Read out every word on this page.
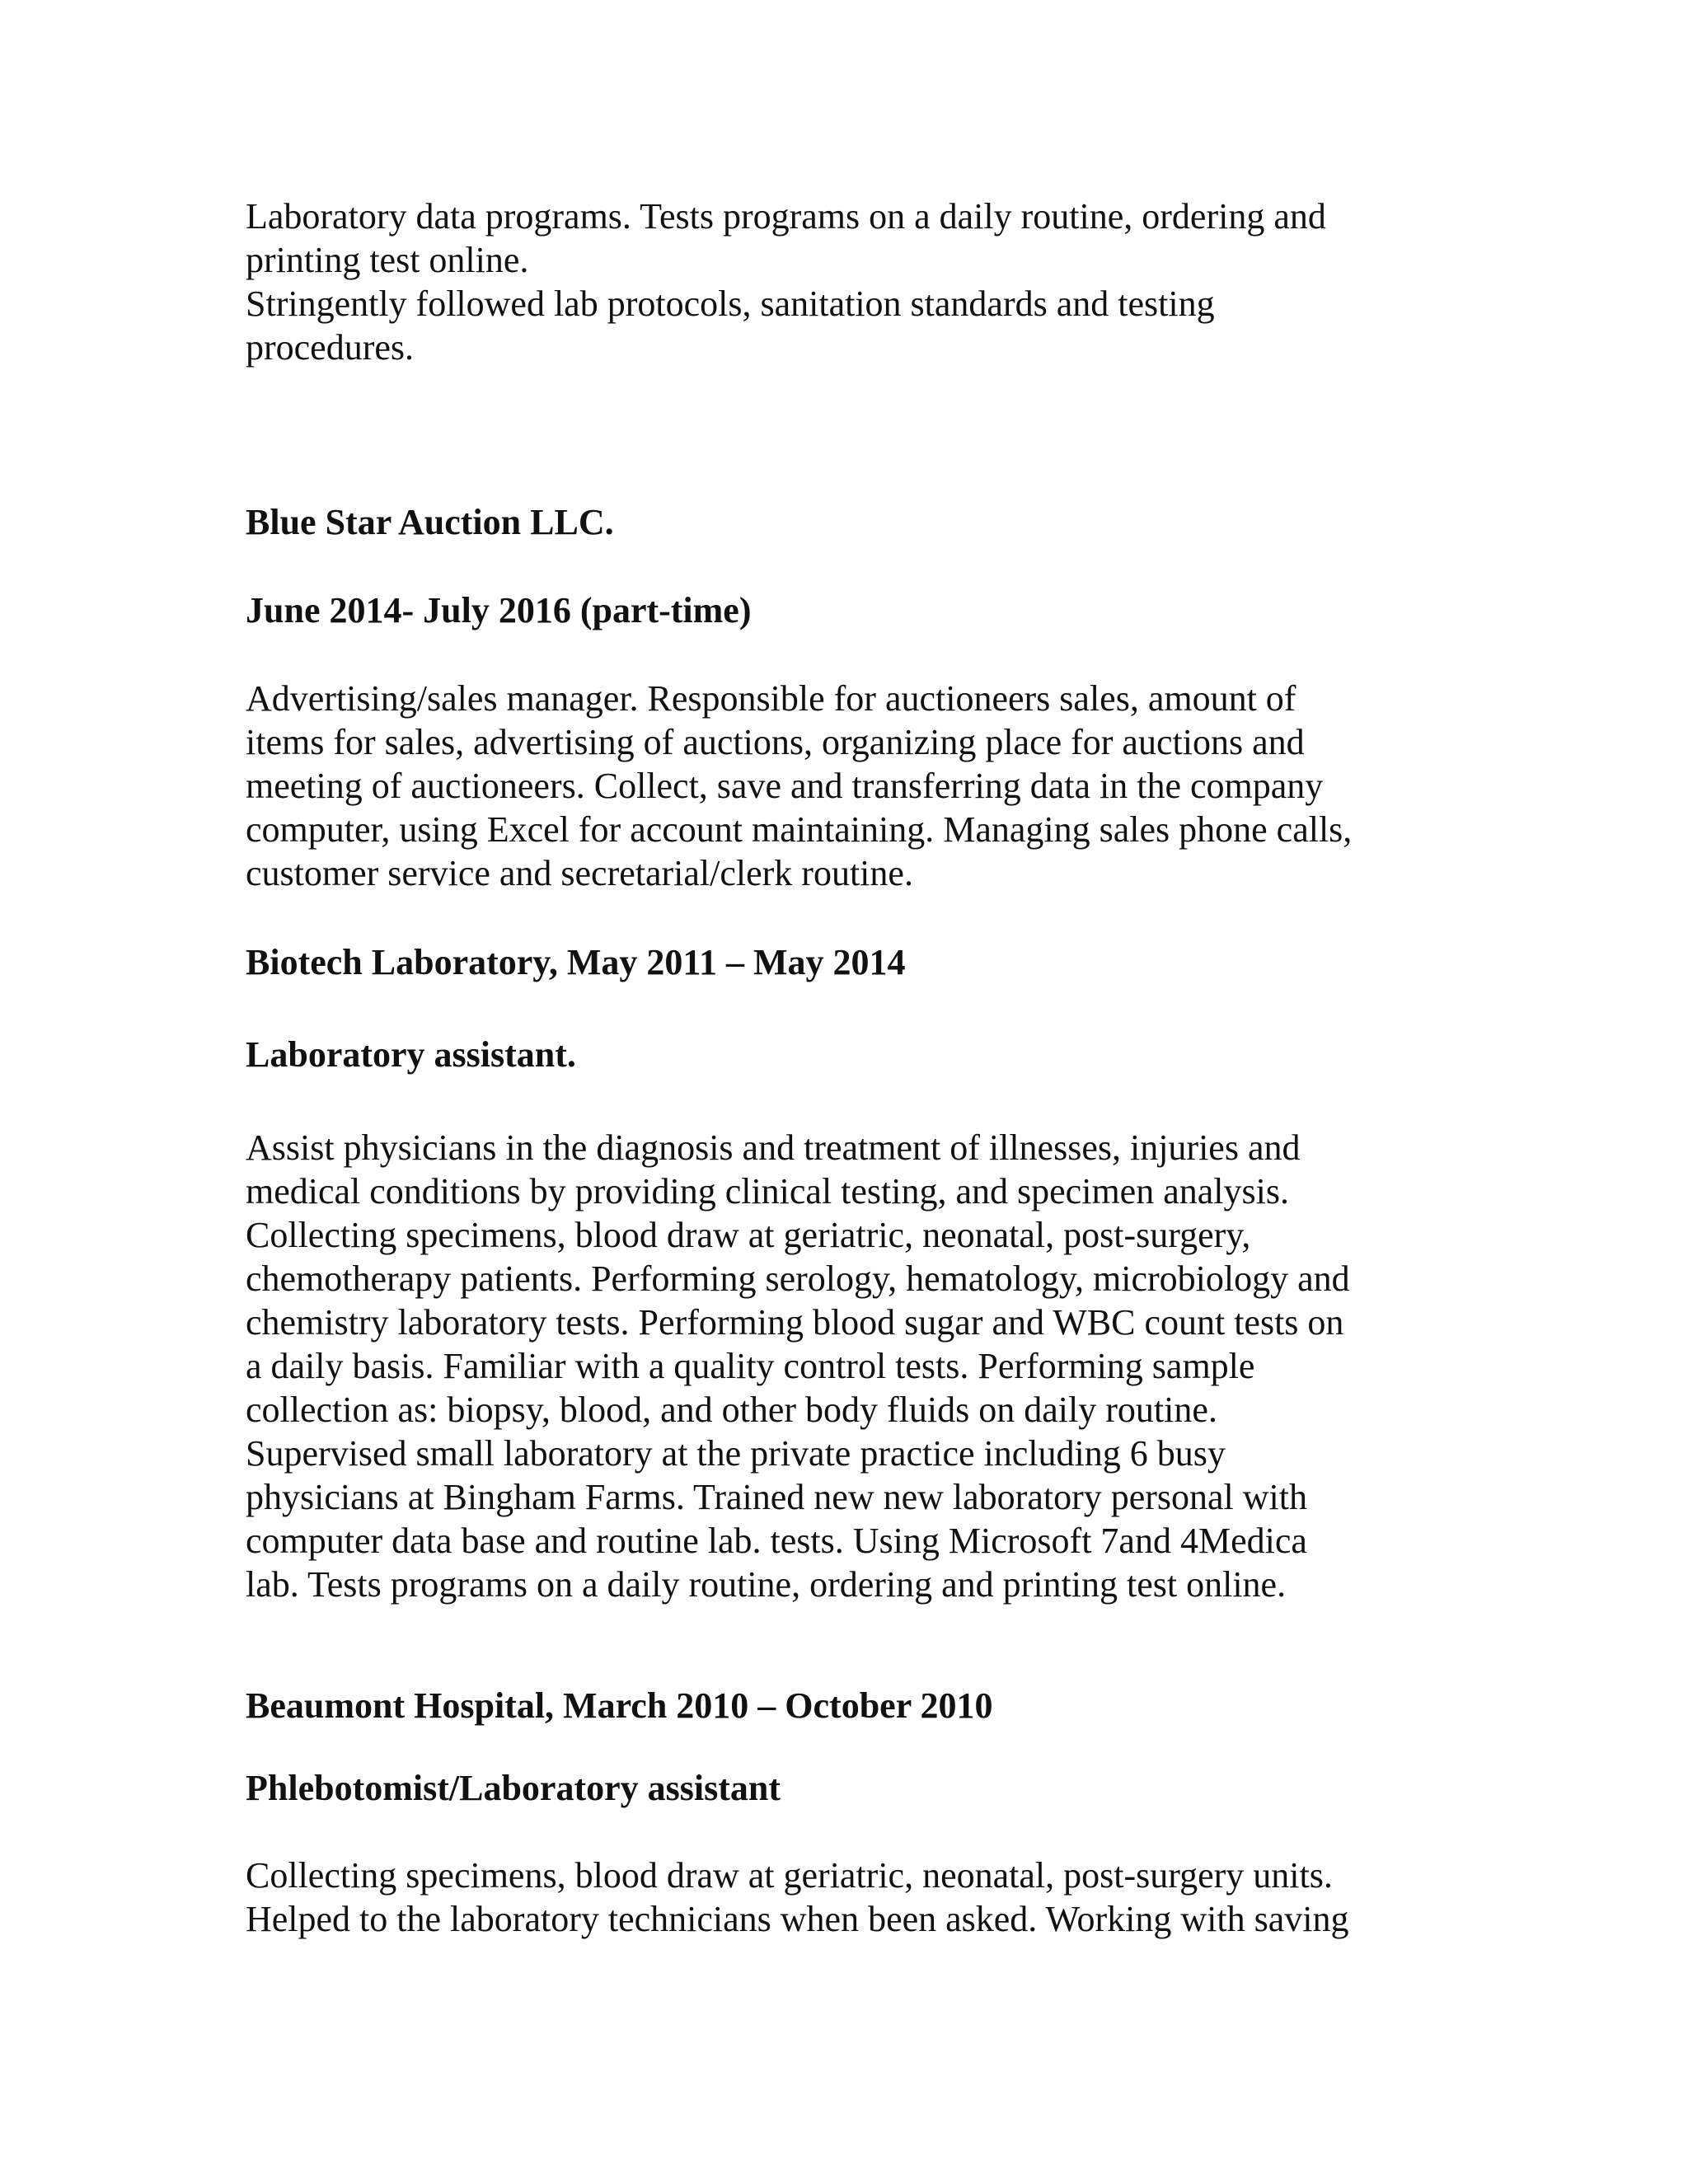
Laboratory data programs. Tests programs on a daily routine, ordering and
printing test online.
Stringently followed lab protocols, sanitation standards and testing
procedures.
Blue Star Auction LLC.
June 2014- July 2016 (part-time)
Advertising/sales manager. Responsible for auctioneers sales, amount of
items for sales, advertising of auctions, organizing place for auctions and
meeting of auctioneers. Collect, save and transferring data in the company
computer, using Excel for account maintaining. Managing sales phone calls,
customer service and secretarial/clerk routine.
Biotech Laboratory, May 2011 – May 2014
Laboratory assistant.
Assist physicians in the diagnosis and treatment of illnesses, injuries and
medical conditions by providing clinical testing, and specimen analysis.
Collecting specimens, blood draw at geriatric, neonatal, post-surgery,
chemotherapy patients. Performing serology, hematology, microbiology and
chemistry laboratory tests. Performing blood sugar and WBC count tests on
a daily basis. Familiar with a quality control tests. Performing sample
collection as: biopsy, blood, and other body fluids on daily routine.
Supervised small laboratory at the private practice including 6 busy
physicians at Bingham Farms. Trained new new laboratory personal with
computer data base and routine lab. tests. Using Microsoft 7and 4Medica
lab. Tests programs on a daily routine, ordering and printing test online.
Beaumont Hospital, March 2010 – October 2010
Phlebotomist/Laboratory assistant
Collecting specimens, blood draw at geriatric, neonatal, post-surgery units.
Helped to the laboratory technicians when been asked. Working with saving
